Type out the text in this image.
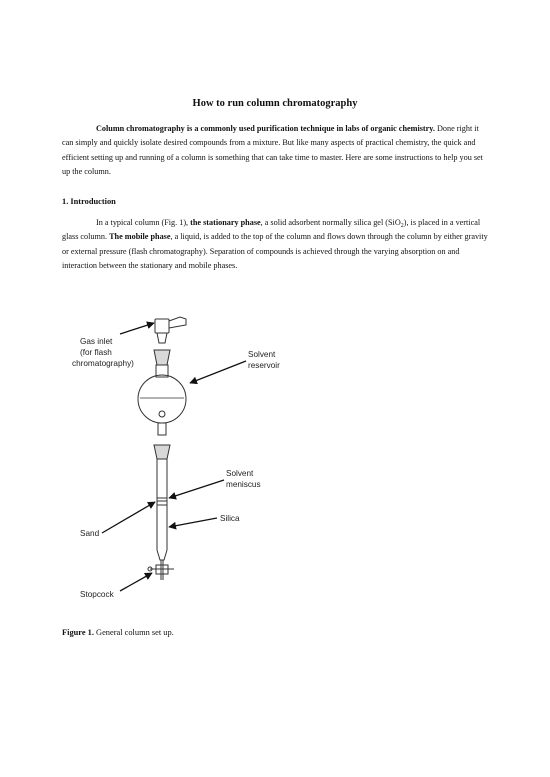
How to run column chromatography
Column chromatography is a commonly used purification technique in labs of organic chemistry. Done right it can simply and quickly isolate desired compounds from a mixture. But like many aspects of practical chemistry, the quick and efficient setting up and running of a column is something that can take time to master. Here are some instructions to help you set up the column.
1. Introduction
In a typical column (Fig. 1), the stationary phase, a solid adsorbent normally silica gel (SiO$_2$), is placed in a vertical glass column. The mobile phase, a liquid, is added to the top of the column and flows down through the column by either gravity or external pressure (flash chromatography). Separation of compounds is achieved through the varying absorption on and interaction between the stationary and mobile phases.
Gas inlet
(for flash
chromatography)
Solvent
reservoir
Solvent
meniscus
Silica
Sand
Stopcock
Figure 1. General column set up.
